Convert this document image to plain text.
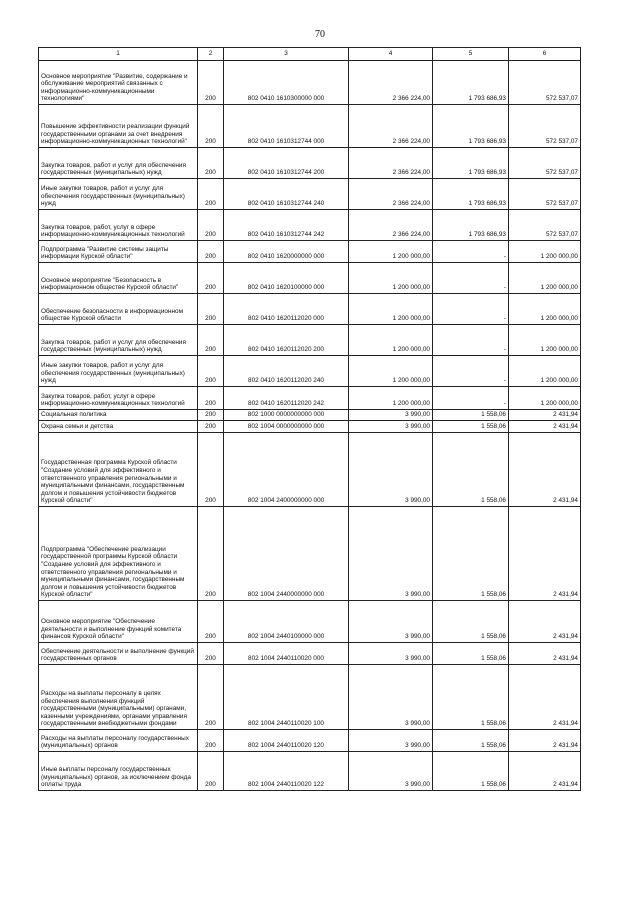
70
1	2	3	4	5	6
Основное мероприятие "Развитие, содержание и обслуживание мероприятий связанных с информационно-коммуникационными технологиями"	200	802 0410 1610300000 000	2 366 224,00	1 793 686,93	572 537,07
Повышение эффективности реализации функций государственными органами за счет внедрения информационно-коммуникационных технологий"	200	802 0410 1610312744 000	2 366 224,00	1 793 686,93	572 537,07
Закупка товаров, работ и услуг для обеспечения государственных (муниципальных) нужд	200	802 0410 1610312744 200	2 366 224,00	1 793 686,93	572 537,07
Иные закупки товаров, работ и услуг для обеспечения государственных (муниципальных) нужд	200	802 0410 1610312744 240	2 366 224,00	1 793 686,93	572 537,07
Закупка товаров, работ, услуг в сфере информационно-коммуникационных технологий	200	802 0410 1610312744 242	2 366 224,00	1 793 686,93	572 537,07
Подпрограмма "Развитие системы защиты информации Курской области"	200	802 0410 1620000000 000	1 200 000,00	-	1 200 000,00
Основное мероприятие "Безопасность в информационном обществе Курской области"	200	802 0410 1620100000 000	1 200 000,00	-	1 200 000,00
Обеспечение безопасности в информационном обществе Курской области	200	802 0410 1620112020 000	1 200 000,00	-	1 200 000,00
Закупка товаров, работ и услуг для обеспечения государственных (муниципальных) нужд	200	802 0410 1620112020 200	1 200 000,00	-	1 200 000,00
Иные закупки товаров, работ и услуг для обеспечения государственных (муниципальных) нужд	200	802 0410 1620112020 240	1 200 000,00	-	1 200 000,00
Закупка товаров, работ, услуг в сфере информационно-коммуникационных технологий	200	802 0410 1620112020 242	1 200 000,00	-	1 200 000,00
Социальная политика	200	802 1000 0000000000 000	3 990,00	1 558,06	2 431,94
Охрана семьи и детства	200	802 1004 0000000000 000	3 990,00	1 558,06	2 431,94
Государственная программа Курской области "Создание условий для эффективного и ответственного управления региональными и муниципальными финансами, государственным долгом и повышения устойчивости бюджетов Курской области"	200	802 1004 2400000000 000	3 990,00	1 558,06	2 431,94
Подпрограмма "Обеспечение реализации государственной программы Курской области "Создание условий для эффективного и ответственного управления региональными и муниципальными финансами, государственным долгом и повышения устойчивости бюджетов Курской области"	200	802 1004 2440000000 000	3 990,00	1 558,06	2 431,94
Основное мероприятие "Обеспечение деятельности и выполнение функций комитета финансов Курской области"	200	802 1004 2440100000 000	3 990,00	1 558,06	2 431,94
Обеспечение деятельности и выполнение функций государственных органов	200	802 1004 2440110020 000	3 990,00	1 558,06	2 431,94
Расходы на выплаты персоналу в целях обеспечения выполнения функций государственными (муниципальными) органами, казенными учреждениями, органами управления государственными внебюджетными фондами	200	802 1004 2440110020 100	3 990,00	1 558,06	2 431,94
Расходы на выплаты персоналу государственных (муниципальных) органов	200	802 1004 2440110020 120	3 990,00	1 558,06	2 431,94
Иные выплаты персоналу государственных (муниципальных) органов, за исключением фонда оплаты труда	200	802 1004 2440110020 122	3 990,00	1 558,06	2 431,94
